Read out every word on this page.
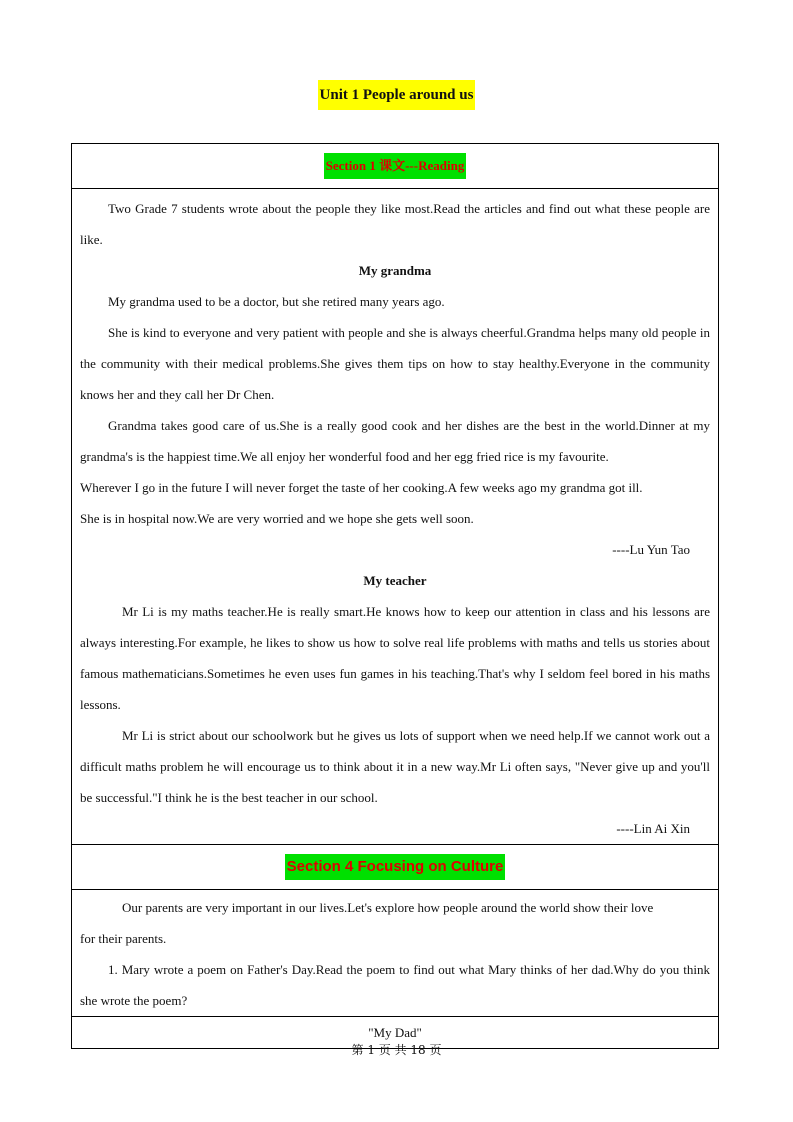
Unit 1 People around us
Section 1 课文---Reading

Two Grade 7 students wrote about the people they like most.Read the articles and find out what these people are like.

My grandma

My grandma used to be a doctor, but she retired many years ago.

She is kind to everyone and very patient with people and she is always cheerful.Grandma helps many old people in the community with their medical problems.She gives them tips on how to stay healthy.Everyone in the community knows her and they call her Dr Chen.

Grandma takes good care of us.She is a really good cook and her dishes are the best in the world.Dinner at my grandma's is the happiest time.We all enjoy her wonderful food and her egg fried rice is my favourite.

Wherever I go in the future I will never forget the taste of her cooking.A few weeks ago my grandma got ill.

She is in hospital now.We are very worried and we hope she gets well soon.

----Lu Yun Tao

My teacher

Mr Li is my maths teacher.He is really smart.He knows how to keep our attention in class and his lessons are always interesting.For example, he likes to show us how to solve real life problems with maths and tells us stories about famous mathematicians.Sometimes he even uses fun games in his teaching.That's why I seldom feel bored in his maths lessons.

Mr Li is strict about our schoolwork but he gives us lots of support when we need help.If we cannot work out a difficult maths problem he will encourage us to think about it in a new way.Mr Li often says, "Never give up and you'll be successful."I think he is the best teacher in our school.

----Lin Ai Xin

Section 4 Focusing on Culture

Our parents are very important in our lives.Let's explore how people around the world show their love

for their parents.

1. Mary wrote a poem on Father's Day.Read the poem to find out what Mary thinks of her dad.Why do you think she wrote the poem?

"My Dad"
第 1 页 共 18 页
